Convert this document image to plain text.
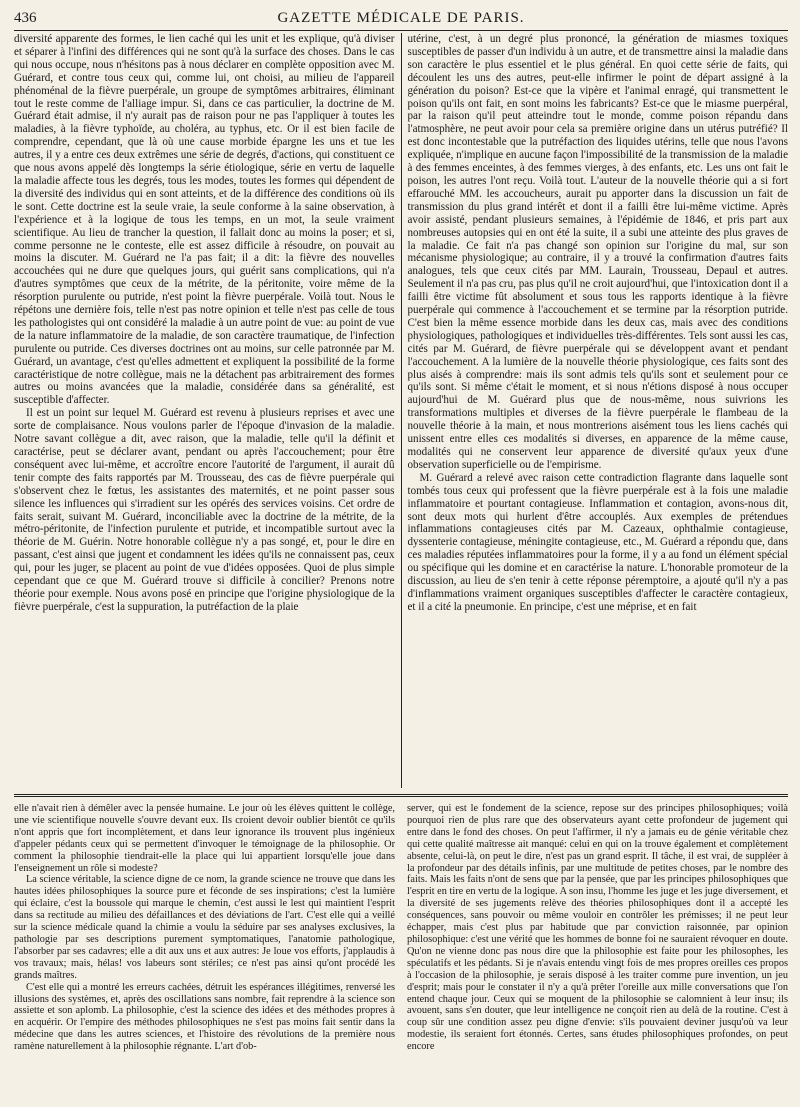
436	GAZETTE MÉDICALE DE PARIS.

diversité apparente des formes, le lien caché qui les unit et les explique, qu'à diviser et séparer à l'infini des différences qui ne sont qu'à la surface des choses. Dans le cas qui nous occupe, nous n'hésitons pas à nous déclarer en complète opposition avec M. Guérard, et contre tous ceux qui, comme lui, ont choisi, au milieu de l'appareil phénoménal de la fièvre puerpérale, un groupe de symptômes arbitraires, éliminant tout le reste comme de l'alliage impur. Si, dans ce cas particulier, la doctrine de M. Guérard était admise, il n'y aurait pas de raison pour ne pas l'appliquer à toutes les maladies, à la fièvre typhoïde, au choléra, au typhus, etc. Or il est bien facile de comprendre, cependant, que là où une cause morbide épargne les uns et tue les autres, il y a entre ces deux extrêmes une série de degrés, d'actions, qui constituent ce que nous avons appelé dès longtemps la série étiologique, série en vertu de laquelle la maladie affecte tous les degrés, tous les modes, toutes les formes qui dépendent de la diversité des individus qui en sont atteints, et de la différence des conditions où ils le sont. Cette doctrine est la seule vraie, la seule conforme à la saine observation, à l'expérience et à la logique de tous les temps, en un mot, la seule vraiment scientifique. Au lieu de trancher la question, il fallait donc au moins la poser; et si, comme personne ne le conteste, elle est assez difficile à résoudre, on pouvait au moins la discuter. M. Guérard ne l'a pas fait; il a dit: la fièvre des nouvelles accouchées qui ne dure que quelques jours, qui guérit sans complications, qui n'a d'autres symptômes que ceux de la métrite, de la péritonite, voire même de la résorption purulente ou putride, n'est point la fièvre puerpérale. Voilà tout. Nous le répétons une dernière fois, telle n'est pas notre opinion et telle n'est pas celle de tous les pathologistes qui ont considéré la maladie à un autre point de vue: au point de vue de la nature inflammatoire de la maladie, de son caractère traumatique, de l'infection purulente ou putride. Ces diverses doctrines ont au moins, sur celle patronnée par M. Guérard, un avantage, c'est qu'elles admettent et expliquent la possibilité de la forme caractéristique de notre collègue, mais ne la détachent pas arbitrairement des formes autres ou moins avancées que la maladie, considérée dans sa généralité, est susceptible d'affecter.

Il est un point sur lequel M. Guérard est revenu à plusieurs reprises et avec une sorte de complaisance. Nous voulons parler de l'époque d'invasion de la maladie. Notre savant collègue a dit, avec raison, que la maladie, telle qu'il la définit et caractérise, peut se déclarer avant, pendant ou après l'accouchement; pour être conséquent avec lui-même, et accroître encore l'autorité de l'argument, il aurait dû tenir compte des faits rapportés par M. Trousseau, des cas de fièvre puerpérale qui s'observent chez le fœtus, les assistantes des maternités, et ne point passer sous silence les influences qui s'irradient sur les opérés des services voisins. Cet ordre de faits serait, suivant M. Guérard, inconciliable avec la doctrine de la métrite, de la métro-péritonite, de l'infection purulente et putride, et incompatible surtout avec la théorie de M. Guérin. Notre honorable collègue n'y a pas songé, et, pour le dire en passant, c'est ainsi que jugent et condamnent les idées qu'ils ne connaissent pas, ceux qui, pour les juger, se placent au point de vue d'idées opposées. Quoi de plus simple cependant que ce que M. Guérard trouve si difficile à concilier? Prenons notre théorie pour exemple. Nous avons posé en principe que l'origine physiologique de la fièvre puerpérale, c'est la suppuration, la putréfaction de la plaie

utérine, c'est, à un degré plus prononcé, la génération de miasmes toxiques susceptibles de passer d'un individu à un autre, et de transmettre ainsi la maladie dans son caractère le plus essentiel et le plus général. En quoi cette série de faits, qui découlent les uns des autres, peut-elle infirmer le point de départ assigné à la génération du poison? Est-ce que la vipère et l'animal enragé, qui transmettent le poison qu'ils ont fait, en sont moins les fabricants? Est-ce que le miasme puerpéral, par la raison qu'il peut atteindre tout le monde, comme poison répandu dans l'atmosphère, ne peut avoir pour cela sa première origine dans un utérus putréfié? Il est donc incontestable que la putréfaction des liquides utérins, telle que nous l'avons expliquée, n'implique en aucune façon l'impossibilité de la transmission de la maladie à des femmes enceintes, à des femmes vierges, à des enfants, etc. Les uns ont fait le poison, les autres l'ont reçu. Voilà tout. L'auteur de la nouvelle théorie qui a si fort effarouché MM. les accoucheurs, aurait pu apporter dans la discussion un fait de transmission du plus grand intérêt et dont il a failli être lui-même victime. Après avoir assisté, pendant plusieurs semaines, à l'épidémie de 1846, et pris part aux nombreuses autopsies qui en ont été la suite, il a subi une atteinte des plus graves de la maladie. Ce fait n'a pas changé son opinion sur l'origine du mal, sur son mécanisme physiologique; au contraire, il y a trouvé la confirmation d'autres faits analogues, tels que ceux cités par MM. Laurain, Trousseau, Depaul et autres. Seulement il n'a pas cru, pas plus qu'il ne croit aujourd'hui, que l'intoxication dont il a failli être victime fût absolument et sous tous les rapports identique à la fièvre puerpérale qui commence à l'accouchement et se termine par la résorption putride. C'est bien la même essence morbide dans les deux cas, mais avec des conditions physiologiques, pathologiques et individuelles très-différentes. Tels sont aussi les cas, cités par M. Guérard, de fièvre puerpérale qui se développent avant et pendant l'accouchement. A la lumière de la nouvelle théorie physiologique, ces faits sont des plus aisés à comprendre: mais ils sont admis tels qu'ils sont et seulement pour ce qu'ils sont. Si même c'était le moment, et si nous n'étions disposé à nous occuper aujourd'hui de M. Guérard plus que de nous-même, nous suivrions les transformations multiples et diverses de la fièvre puerpérale le flambeau de la nouvelle théorie à la main, et nous montrerions aisément tous les liens cachés qui unissent entre elles ces modalités si diverses, en apparence de la même cause, modalités qui ne conservent leur apparence de diversité qu'aux yeux d'une observation superficielle ou de l'empirisme.

M. Guérard a relevé avec raison cette contradiction flagrante dans laquelle sont tombés tous ceux qui professent que la fièvre puerpérale est à la fois une maladie inflammatoire et pourtant contagieuse. Inflammation et contagion, avons-nous dit, sont deux mots qui hurlent d'être accouplés. Aux exemples de prétendues inflammations contagieuses cités par M. Cazeaux, ophthalmie contagieuse, dyssenterie contagieuse, méningite contagieuse, etc., M. Guérard a répondu que, dans ces maladies réputées inflammatoires pour la forme, il y a au fond un élément spécial ou spécifique qui les domine et en caractérise la nature. L'honorable promoteur de la discussion, au lieu de s'en tenir à cette réponse péremptoire, a ajouté qu'il n'y a pas d'inflammations vraiment organiques susceptibles d'affecter le caractère contagieux, et il a cité la pneumonie. En principe, c'est une méprise, et en fait

elle n'avait rien à démêler avec la pensée humaine. Le jour où les élèves quittent le collège, une vie scientifique nouvelle s'ouvre devant eux. Ils croient devoir oublier bientôt ce qu'ils n'ont appris que fort incomplètement, et dans leur ignorance ils trouvent plus ingénieux d'appeler pédants ceux qui se permettent d'invoquer le témoignage de la philosophie. Or comment la philosophie tiendrait-elle la place qui lui appartient lorsqu'elle joue dans l'enseignement un rôle si modeste?

La science véritable, la science digne de ce nom, la grande science ne trouve que dans les hautes idées philosophiques la source pure et féconde de ses inspirations; c'est la lumière qui éclaire, c'est la boussole qui marque le chemin, c'est aussi le lest qui maintient l'esprit dans sa rectitude au milieu des défaillances et des déviations de l'art. C'est elle qui a veillé sur la science médicale quand la chimie a voulu la séduire par ses analyses exclusives, la pathologie par ses descriptions purement symptomatiques, l'anatomie pathologique, l'absorber par ses cadavres; elle a dit aux uns et aux autres: Je loue vos efforts, j'applaudis à vos travaux; mais, hélas! vos labeurs sont stériles; ce n'est pas ainsi qu'ont procédé les grands maîtres.

C'est elle qui a montré les erreurs cachées, détruit les espérances illégitimes, renversé les illusions des systèmes, et, après des oscillations sans nombre, fait reprendre à la science son assiette et son aplomb. La philosophie, c'est la science des idées et des méthodes propres à en acquérir. Or l'empire des méthodes philosophiques ne s'est pas moins fait sentir dans la médecine que dans les autres sciences, et l'histoire des révolutions de la première nous ramène naturellement à la philosophie régnante. L'art d'ob-

server, qui est le fondement de la science, repose sur des principes philosophiques; voilà pourquoi rien de plus rare que des observateurs ayant cette profondeur de jugement qui entre dans le fond des choses. On peut l'affirmer, il n'y a jamais eu de génie véritable chez qui cette qualité maîtresse ait manqué: celui en qui on la trouve également et complètement absente, celui-là, on peut le dire, n'est pas un grand esprit. Il tâche, il est vrai, de suppléer à la profondeur par des détails infinis, par une multitude de petites choses, par le nombre des faits. Mais les faits n'ont de sens que par la pensée, que par les principes philosophiques que l'esprit en tire en vertu de la logique. A son insu, l'homme les juge et les juge diversement, et la diversité de ses jugements relève des théories philosophiques dont il a accepté les conséquences, sans pouvoir ou même vouloir en contrôler les prémisses; il ne peut leur échapper, mais c'est plus par habitude que par conviction raisonnée, par opinion philosophique: c'est une vérité que les hommes de bonne foi ne sauraient révoquer en doute. Qu'on ne vienne donc pas nous dire que la philosophie est faite pour les philosophes, les spéculatifs et les pédants. Si je n'avais entendu vingt fois de mes propres oreilles ces propos à l'occasion de la philosophie, je serais disposé à les traiter comme pure invention, un jeu d'esprit; mais pour le constater il n'y a qu'à prêter l'oreille aux mille conversations que l'on entend chaque jour. Ceux qui se moquent de la philosophie se calomnient à leur insu; ils avouent, sans s'en douter, que leur intelligence ne conçoit rien au delà de la routine. C'est à coup sûr une condition assez peu digne d'envie: s'ils pouvaient deviner jusqu'où va leur modestie, ils seraient fort étonnés. Certes, sans études philosophiques profondes, on peut encore
